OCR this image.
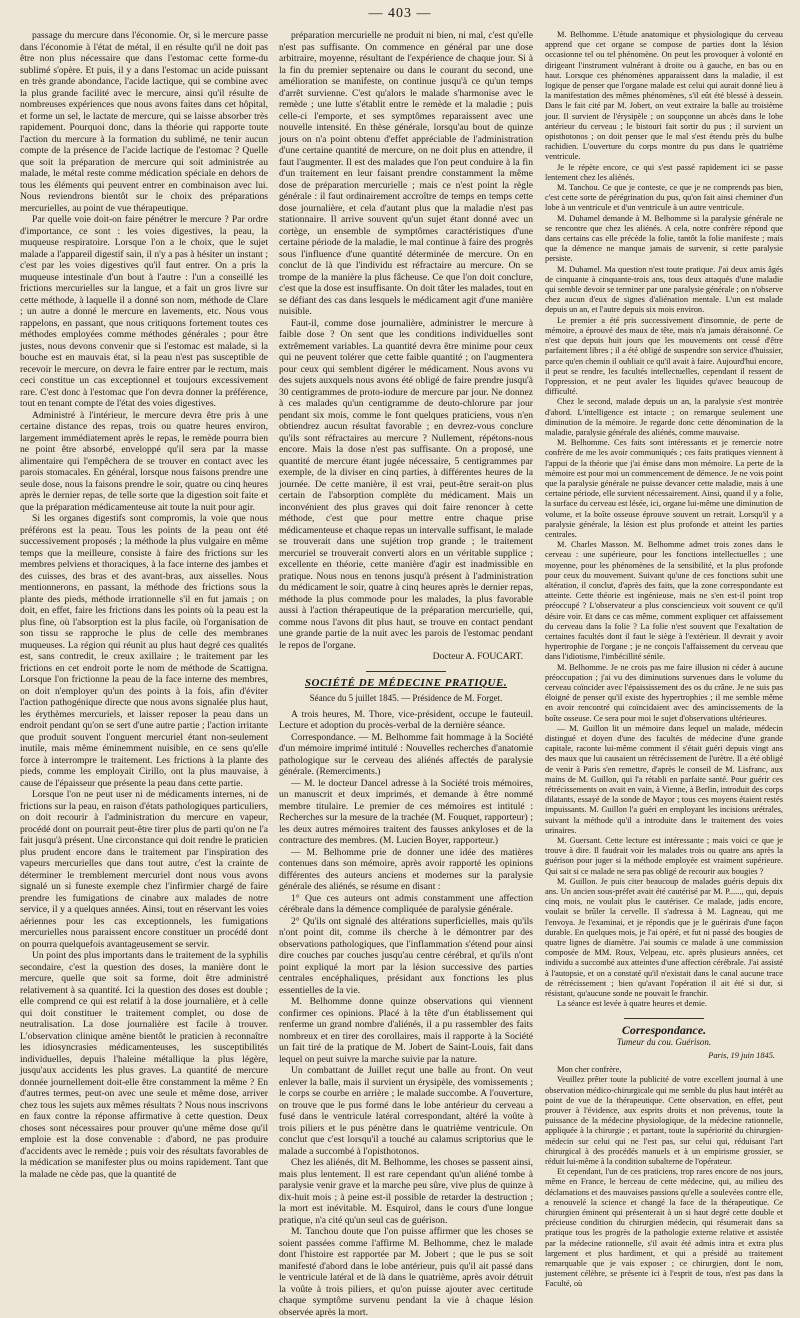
— 403 —

passage du mercure dans l'économie. Or, si le mercure passe dans l'économie à l'état de métal, il en résulte qu'il ne doit pas être non plus nécessaire que dans l'estomac cette forme-du sublimé s'opère. Et puis, il y a dans l'estomac un acide puissant en très grande abondance, l'acide lactique, qui se combine avec la plus grande facilité avec le mercure, ainsi qu'il résulte de nombreuses expériences que nous avons faites dans cet hôpital, et forme un sel, le lactate de mercure, qui se laisse absorber très rapidement. Pourquoi donc, dans la théorie qui rapporte toute l'action du mercure à la formation du sublimé, ne tenir aucun compte de la présence de l'acide lactique de l'estomac ? Quelle que soit la préparation de mercure qui soit administrée au malade, le métal reste comme médication spéciale en dehors de tous les éléments qui peuvent entrer en combinaison avec lui. Nous reviendrons bientôt sur le choix des préparations mercurielles, au point de vue thérapeutique.

Par quelle voie doit-on faire pénétrer le mercure ? Par ordre d'importance, ce sont : les voies digestives, la peau, la muqueuse respiratoire. Lorsque l'on a le choix, que le sujet malade a l'appareil digestif sain, il n'y a pas à hésiter un instant ; c'est par les voies digestives qu'il faut entrer. On a pris la muqueuse intestinale d'un bout à l'autre : l'un a conseillé les frictions mercurielles sur la langue, et a fait un gros livre sur cette méthode, à laquelle il a donné son nom, méthode de Clare ; un autre a donné le mercure en lavements, etc. Nous vous rappelons, en passant, que nous critiquons fortement toutes ces méthodes employées comme méthodes générales ; pour être justes, nous devons convenir que si l'estomac est malade, si la bouche est en mauvais état, si la peau n'est pas susceptible de recevoir le mercure, on devra le faire entrer par le rectum, mais ceci constitue un cas exceptionnel et toujours excessivement rare. C'est donc à l'estomac que l'on devra donner la préférence, tout en tenant compte de l'état des voies digestives.

Administré à l'intérieur, le mercure devra être pris à une certaine distance des repas, trois ou quatre heures environ, largement immédiatement après le repas, le remède pourra bien ne point être absorbé, enveloppé qu'il sera par la masse alimentaire qui l'empêchera de se trouver en contact avec les parois stomacales. En général, lorsque nous faisons prendre une seule dose, nous la faisons prendre le soir, quatre ou cinq heures après le dernier repas, de telle sorte que la digestion soit faite et que la préparation médicamenteuse ait toute la nuit pour agir.

Si les organes digestifs sont compromis, la voie que nous préférons est la peau. Tous les points de la peau ont été successivement proposés ; la méthode la plus vulgaire en même temps que la meilleure, consiste à faire des frictions sur les membres pelviens et thoraciques, à la face interne des jambes et des cuisses, des bras et des avant-bras, aux aisselles. Nous mentionnerons, en passant, la méthode des frictions sous la plante des pieds, méthode irrationnelle s'il en fut jamais ; on doit, en effet, faire les frictions dans les points où la peau est la plus fine, où l'absorption est la plus facile, où l'organisation de son tissu se rapproche le plus de celle des membranes muqueuses. La région qui réunit au plus haut degré ces qualités est, sans contredit, le creux axillaire ; le traitement par les frictions en cet endroit porte le nom de méthode de Scattigna. Lorsque l'on frictionne la peau de la face interne des membres, on doit n'employer qu'un des points à la fois, afin d'éviter l'action pathogénique directe que nous avons signalée plus haut, les érythèmes mercuriels, et laisser reposer la peau dans un endroit pendant qu'on se sert d'une autre partie ; l'action irritante que produit souvent l'onguent mercuriel étant non-seulement inutile, mais même éminemment nuisible, en ce sens qu'elle force à interrompre le traitement. Les frictions à la plante des pieds, comme les employait Cirillo, ont la plus mauvaise, à cause de l'épaisseur que présente la peau dans cette partie.

Lorsque l'on ne peut user ni de médicaments internes, ni de frictions sur la peau, en raison d'états pathologiques particuliers, on doit recourir à l'administration du mercure en vapeur, procédé dont on pourrait peut-être tirer plus de parti qu'on ne l'a fait jusqu'à présent. Une circonstance qui doit rendre le praticien plus prudent encore dans le traitement par l'inspiration des vapeurs mercurielles que dans tout autre, c'est la crainte de déterminer le tremblement mercuriel dont nous vous avons signalé un si funeste exemple chez l'infirmier chargé de faire prendre les fumigations de cinabre aux malades de notre service, il y a quelques années. Ainsi, tout en réservant les voies aériennes pour les cas exceptionnels, les fumigations mercurielles nous paraissent encore constituer un procédé dont on pourra quelquefois avantageusement se servir.

Un point des plus importants dans le traitement de la syphilis secondaire, c'est la question des doses, la manière dont le mercure, quelle que soit sa forme, doit être administré relativement à sa quantité. Ici la question des doses est double ; elle comprend ce qui est relatif à la dose journalière, et à celle qui doit constituer le traitement complet, ou dose de neutralisation. La dose journalière est facile à trouver. L'observation clinique amène bientôt le praticien à reconnaître les idiosyncrasies médicamenteuses, les susceptibilités individuelles, depuis l'haleine métallique la plus légère, jusqu'aux accidents les plus graves. La quantité de mercure donnée journellement doit-elle être constamment la même ? En d'autres termes, peut-on avec une seule et même dose, arriver chez tous les sujets aux mêmes résultats ? Nous nous inscrivons en faux contre la réponse affirmative à cette question. Deux choses sont nécessaires pour prouver qu'une même dose qu'il emploie est la dose convenable : d'abord, ne pas produire d'accidents avec le remède ; puis voir des résultats favorables de la médication se manifester plus ou moins rapidement. Tant que la malade ne cède pas, que la quantité de

préparation mercurielle ne produit ni bien, ni mal, c'est qu'elle n'est pas suffisante. On commence en général par une dose arbitraire, moyenne, résultant de l'expérience de chaque jour. Si à la fin du premier septenaire ou dans le courant du second, une amélioration se manifeste, on continue jusqu'à ce qu'un temps d'arrêt survienne. C'est qu'alors le malade s'harmonise avec le remède ; une lutte s'établit entre le remède et la maladie ; puis celle-ci l'emporte, et ses symptômes reparaissent avec une nouvelle intensité. En thèse générale, lorsqu'au bout de quinze jours on n'a point obtenu d'effet appréciable de l'administration d'une certaine quantité de mercure, on ne doit plus en attendre, il faut l'augmenter. Il est des malades que l'on peut conduire à la fin d'un traitement en leur faisant prendre constamment la même dose de préparation mercurielle ; mais ce n'est point la règle générale : il faut ordinairement accroître de temps en temps cette dose journalière, et cela d'autant plus que la maladie n'est pas stationnaire. Il arrive souvent qu'un sujet étant donné avec un cortège, un ensemble de symptômes caractéristiques d'une certaine période de la maladie, le mal continue à faire des progrès sous l'influence d'une quantité déterminée de mercure. On en conclut de là que l'individu est réfractaire au mercure. On se trompe de la manière la plus fâcheuse. Ce que l'on doit conclure, c'est que la dose est insuffisante. On doit tâter les malades, tout en se défiant des cas dans lesquels le médicament agit d'une manière nuisible.

Faut-il, comme dose journalière, administrer le mercure à faible dose ? On sent que les conditions individuelles sont extrêmement variables. La quantité devra être minime pour ceux qui ne peuvent tolérer que cette faible quantité ; on l'augmentera pour ceux qui semblent digérer le médicament. Nous avons vu des sujets auxquels nous avons été obligé de faire prendre jusqu'à 30 centigrammes de proto-iodure de mercure par jour. Ne donnez à ces malades qu'un centigramme de deuto-chlorure par jour pendant six mois, comme le font quelques praticiens, vous n'en obtiendrez aucun résultat favorable ; en devrez-vous conclure qu'ils sont réfractaires au mercure ? Nullement, répétons-nous encore. Mais la dose n'est pas suffisante. On a proposé, une quantité de mercure étant jugée nécessaire, 5 centigrammes par exemple, de la diviser en cinq parties, à différentes heures de la journée. De cette manière, il est vrai, peut-être serait-on plus certain de l'absorption complète du médicament. Mais un inconvénient des plus graves qui doit faire renoncer à cette méthode, c'est que pour mettre entre chaque prise médicamenteuse et chaque repas un intervalle suffisant, le malade se trouverait dans une sujétion trop grande ; le traitement mercuriel se trouverait converti alors en un véritable supplice ; excellente en théorie, cette manière d'agir est inadmissible en pratique. Nous nous en tenons jusqu'à présent à l'administration du médicament le soir, quatre à cinq heures après le dernier repas, méthode la plus commode pour les malades, la plus favorable aussi à l'action thérapeutique de la préparation mercurielle, qui, comme nous l'avons dit plus haut, se trouve en contact pendant une grande partie de la nuit avec les parois de l'estomac pendant le repos de l'organe.

Docteur A. FOUCART.

SOCIÉTÉ DE MÉDECINE PRATIQUE.
Séance du 5 juillet 1845. — Présidence de M. Forget.

A trois heures, M. Thore, vice-président, occupe le fauteuil. Lecture et adoption du procès-verbal de la dernière séance.

Correspondance. — M. Belhomme fait hommage à la Société d'un mémoire imprimé intitulé : Nouvelles recherches d'anatomie pathologique sur le cerveau des aliénés affectés de paralysie générale. (Remerciments.)

— M. le docteur Dancel adresse à la Société trois mémoires, un manuscrit et deux imprimés, et demande à être nommé membre titulaire. Le premier de ces mémoires est intitulé : Recherches sur la mesure de la trachée (M. Fouquet, rapporteur) ; les deux autres mémoires traitent des fausses ankyloses et de la contracture des membres. (M. Lucien Boyer, rapporteur.)

— M. Belhomme prie de donner une idée des matières contenues dans son mémoire, après avoir rapporté les opinions différentes des auteurs anciens et modernes sur la paralysie générale des aliénés, se résume en disant :

1° Que ces auteurs ont admis constamment une affection cérébrale dans la démence compliquée de paralysie générale.

2° Qu'ils ont signalé des altérations superficielles, mais qu'ils n'ont point dit, comme ils cherche à le démontrer par des observations pathologiques, que l'inflammation s'étend pour ainsi dire couches par couches jusqu'au centre cérébral, et qu'ils n'ont point expliqué la mort par la lésion successive des parties centrales encéphaliques, présidant aux fonctions les plus essentielles de la vie.

M. Belhomme donne quinze observations qui viennent confirmer ces opinions. Placé à la tête d'un établissement qui renferme un grand nombre d'aliénés, il a pu rassembler des faits nombreux et en tirer des corollaires, mais il rapporte à la Société un fait tiré de la pratique de M. Jobert de Saint-Louis, fait dans lequel on peut suivre la marche suivie par la nature.

Un combattant de Juillet reçut une balle au front. On veut enlever la balle, mais il survient un érysipèle, des vomissements ; le corps se courbe en arrière ; le malade succombe. A l'ouverture, on trouve que le pus formé dans le lobe antérieur du cerveau a fusé dans le ventricule latéral correspondant, altéré la voûte à trois piliers et le pus pénètre dans le quatrième ventricule. On conclut que c'est lorsqu'il a touché au calamus scriptorius que le malade a succombé à l'opisthotonos.

Chez les aliénés, dit M. Belhomme, les choses se passent ainsi, mais plus lentement. Il est rare cependant qu'un aliéné tombe à paralysie venir grave et la marche peu sûre, vive plus de quinze à dix-huit mois ; à peine est-il possible de retarder la destruction ; la mort est inévitable. M. Esquirol, dans le cours d'une longue pratique, n'a cité qu'un seul cas de guérison.

M. Tanchou doute que l'on puisse affirmer que les choses se soient passées comme l'affirme M. Belhomme, chez le malade dont l'histoire est rapportée par M. Jobert ; que le pus se soit manifesté d'abord dans le lobe antérieur, puis qu'il ait passé dans le ventricule latéral et de là dans le quatrième, après avoir détruit la voûte à trois piliers, et qu'on puisse ajouter avec certitude chaque symptôme survenu pendant la vie à chaque lésion observée après la mort.

M. Belhomme. L'étude anatomique et physiologique du cerveau apprend que cet organe se compose de parties dont la lésion occasionne tel ou tel phénomène. On peut les provoquer à volonté en dirigeant l'instrument vulnérant à droite ou à gauche, en bas ou en haut. Lorsque ces phénomènes apparaissent dans la maladie, il est logique de penser que l'organe malade est celui qui aurait donné lieu à la manifestation des mêmes phénomènes, s'il eût été blessé à dessein. Dans le fait cité par M. Jobert, on veut extraire la balle au troisième jour. Il survient de l'érysipèle ; on soupçonne un abcès dans le lobe antérieur du cerveau ; le bistouri fait sortir du pus ; il survient un opisthotonos ; on doit penser que le mal s'est étendu près du bulbe rachidien. L'ouverture du corps montre du pus dans le quatrième ventricule.

Je le répète encore, ce qui s'est passé rapidement ici se passe lentement chez les aliénés.

M. Tanchou. Ce que je conteste, ce que je ne comprends pas bien, c'est cette sorte de pérégrination du pus, qu'on fait ainsi cheminer d'un lobe à un ventricule et d'un ventricule à un autre ventricule.

M. Duhamel demande à M. Belhomme si la paralysie générale ne se rencontre que chez les aliénés. A cela, notre confrère répond que dans certains cas elle précède la folie, tantôt la folie manifeste ; mais que la démence ne manque jamais de survenir, si cette paralysie persiste.

M. Duhamel. Ma question n'est toute pratique. J'ai deux amis âgés de cinquante à cinquante-trois ans, tous deux attaqués d'une maladie qui semble devoir se terminer par une paralysie générale ; on n'observe chez aucun d'eux de signes d'aliénation mentale. L'un est malade depuis un an, et l'autre depuis six mois environ.

Le premier a été pris successivement d'insomnie, de perte de mémoire, a éprouvé des maux de tête, mais n'a jamais déraisonné. Ce n'est que depuis huit jours que les mouvements ont cessé d'être parfaitement libres ; il a été obligé de suspendre son service d'huissier, parce qu'en chemin il oubliait ce qu'il avait à faire. Aujourd'hui encore, il peut se rendre, les facultés intellectuelles, cependant il ressent de l'oppression, et ne peut avaler les liquides qu'avec beaucoup de difficulté.

Chez le second, malade depuis un an, la paralysie s'est montrée d'abord. L'intelligence est intacte ; on remarque seulement une diminution de la mémoire. Je regarde donc cette dénomination de la maladie, paralysie générale des aliénés, comme mauvaise.

M. Belhomme. Ces faits sont intéressants et je remercie notre confrère de me les avoir communiqués ; ces faits pratiques viennent à l'appui de la théorie que j'ai émise dans mon mémoire. La perte de la mémoire est pour moi un commencement de démence. Je ne vois point que la paralysie générale ne puisse devancer cette maladie, mais à une certaine période, elle survient nécessairement. Ainsi, quand il y a folie, la surface du cerveau est lésée, ici, organe lui-même une diminution de volume, et la boîte osseuse éprouve souvent un retrait. Lorsqu'il y a paralysie générale, la lésion est plus profonde et atteint les parties centrales.

M. Charles Masson. M. Belhomme admet trois zones dans le cerveau : une supérieure, pour les fonctions intellectuelles ; une moyenne, pour les phénomènes de la sensibilité, et la plus profonde pour ceux du mouvement. Suivant qu'une de ces fonctions subit une altération, il conclut, d'après des faits, que la zone correspondante est atteinte. Cette théorie est ingénieuse, mais ne s'en est-il point trop préoccupé ? L'observateur a plus consciencieux voit souvent ce qu'il désire voir. Et dans ce cas même, comment expliquer cet affaissement du cerveau dans la folie ? La folie n'est souvent que l'exaltation de certaines facultés dont il faut le siège à l'extérieur. Il devrait y avoir hypertrophie de l'organe ; je ne conçois l'affaissement du cerveau que dans l'idiotisme, l'imbécillité sénile.

M. Belhomme. Je ne crois pas me faire illusion ni céder à aucune préoccupation ; j'ai vu des diminutions survenues dans le volume du cerveau coïncider avec l'épaississement des os du crâne. Je ne suis pas éloigné de penser qu'il existe des hypertrophies ; il me semble même en avoir rencontré qui coïncidaient avec des amincissements de la boîte osseuse. Ce sera pour moi le sujet d'observations ultérieures.

— M. Guillon lit un mémoire dans lequel un malade, médecin distingué et doyen d'une des facultés de médecine d'une grande capitale, raconte lui-même comment il s'était guéri depuis vingt ans des maux que lui causaient un rétrécissement de l'urètre. Il a été obligé de venir à Paris s'en remettre, d'après le conseil de M. Lisfranc, aux mains de M. Guillon, qui l'a rétabli en parfaite santé. Pour guérir ces rétrécissements on avait en vain, à Vienne, à Berlin, introduit des corps dilatants, essayé de la sonde de Mayor ; tous ces moyens étaient restés impuissants. M. Guillon l'a guéri en employant les incisions urétrales, suivant la méthode qu'il a introduite dans le traitement des voies urinaires.

M. Guersant. Cette lecture est intéressante ; mais voici ce que je trouve à dire. Il faudrait voir les malades trois ou quatre ans après la guérison pour juger si la méthode employée est vraiment supérieure. Qui sait si ce malade ne sera pas obligé de recourir aux bougies ?

M. Guillon. Je puis citer beaucoup de malades guéris depuis dix ans. Un ancien sous-préfet avait été cautérisé par M. P......, qui, depuis cinq mois, ne voulait plus le cautériser. Ce malade, jadis encore, voulait se brûler la cervelle. Il s'adressa à M. Lagneau, qui me l'envoya. Je l'examinai, et je répondis que je le guérirais d'une façon durable. En quelques mois, je l'ai opéré, et fut ni passé des bougies de quatre lignes de diamètre. J'ai soumis ce malade à une commission composée de MM. Roux, Velpeau, etc. après plusieurs années, cet individu a succombé aux atteintes d'une affection cérébrale. J'ai assisté à l'autopsie, et on a constaté qu'il n'existait dans le canal aucune trace de rétrécissement ; bien qu'avant l'opération il ait été si dur, si résistant, qu'aucune sonde ne pouvait le franchir.

La séance est levée à quatre heures et demie.

Correspondance.
Tumeur du cou. Guérison.
Paris, 19 juin 1845.

Mon cher confrère,

Veuillez prêter toute la publicité de votre excellent journal à une observation médico-chirurgicale qui me semble du plus haut intérêt au point de vue de la thérapeutique. Cette observation, en effet, peut prouver à l'évidence, aux esprits droits et non prévenus, toute la puissance de la médecine physiologique, de la médecine rationnelle, appliquée à la chirurgie ; et partant, toute la supériorité du chirurgien-médecin sur celui qui ne l'est pas, sur celui qui, réduisant l'art chirurgical à des procédés manuels et à un empirisme grossier, se réduit lui-même à la condition subalterne de l'opérateur.

Et cependant, l'un de ces praticiens, trop rares encore de nos jours, même en France, le berceau de cette médecine, qui, au milieu des déclamations et des mauvaises passions qu'elle a soulevées contre elle, a renouvelé la science et changé la face de la thérapeutique. Ce chirurgien éminent qui présenterait à un si haut degré cette double et précieuse condition du chirurgien médecin, qui résumerait dans sa pratique tous les progrès de la pathologie externe relative et assistée par la médecine rationnelle, s'il avait été admis intra et extra plus largement et plus hardiment, et qui a présidé au traitement remarquable que je vais exposer ; ce chirurgien, dont le nom, justement célèbre, se présente ici à l'esprit de tous, n'est pas dans la Faculté, où
